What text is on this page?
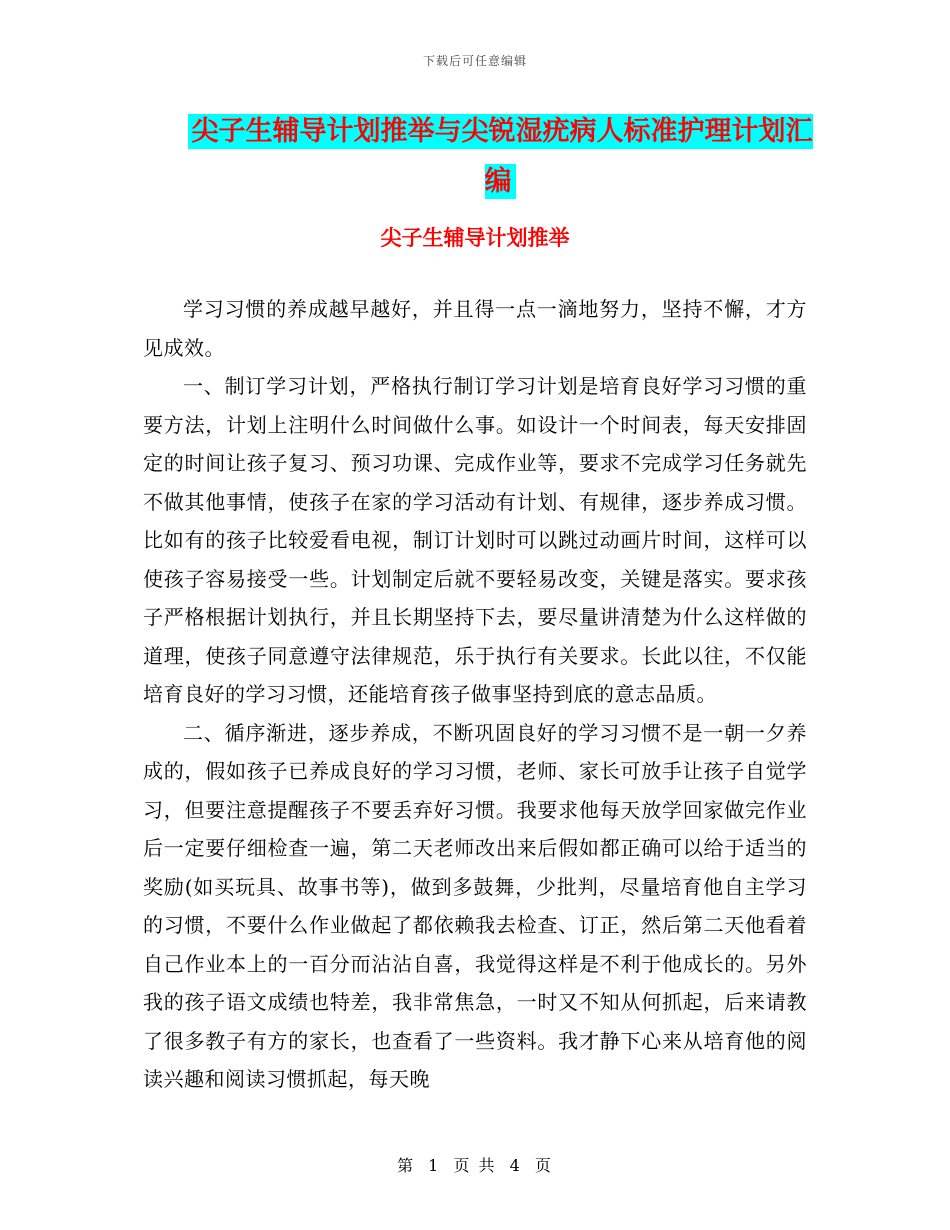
下载后可任意编辑
尖子生辅导计划推举与尖锐湿疣病人标准护理计划汇编
尖子生辅导计划推举

学习习惯的养成越早越好，并且得一点一滴地努力，坚持不懈，才方见成效。

一、制订学习计划，严格执行制订学习计划是培育良好学习习惯的重要方法，计划上注明什么时间做什么事。如设计一个时间表，每天安排固定的时间让孩子复习、预习功课、完成作业等，要求不完成学习任务就先不做其他事情，使孩子在家的学习活动有计划、有规律，逐步养成习惯。比如有的孩子比较爱看电视，制订计划时可以跳过动画片时间，这样可以使孩子容易接受一些。计划制定后就不要轻易改变，关键是落实。要求孩子严格根据计划执行，并且长期坚持下去，要尽量讲清楚为什么这样做的道理，使孩子同意遵守法律规范，乐于执行有关要求。长此以往，不仅能培育良好的学习习惯，还能培育孩子做事坚持到底的意志品质。

二、循序渐进，逐步养成，不断巩固良好的学习习惯不是一朝一夕养成的，假如孩子已养成良好的学习习惯，老师、家长可放手让孩子自觉学习，但要注意提醒孩子不要丢弃好习惯。我要求他每天放学回家做完作业后一定要仔细检查一遍，第二天老师改出来后假如都正确可以给于适当的奖励(如买玩具、故事书等)，做到多鼓舞，少批判，尽量培育他自主学习的习惯，不要什么作业做起了都依赖我去检查、订正，然后第二天他看着自己作业本上的一百分而沾沾自喜，我觉得这样是不利于他成长的。另外我的孩子语文成绩也特差，我非常焦急，一时又不知从何抓起，后来请教了很多教子有方的家长，也查看了一些资料。我才静下心来从培育他的阅读兴趣和阅读习惯抓起，每天晚

第 1 页 共 4 页
